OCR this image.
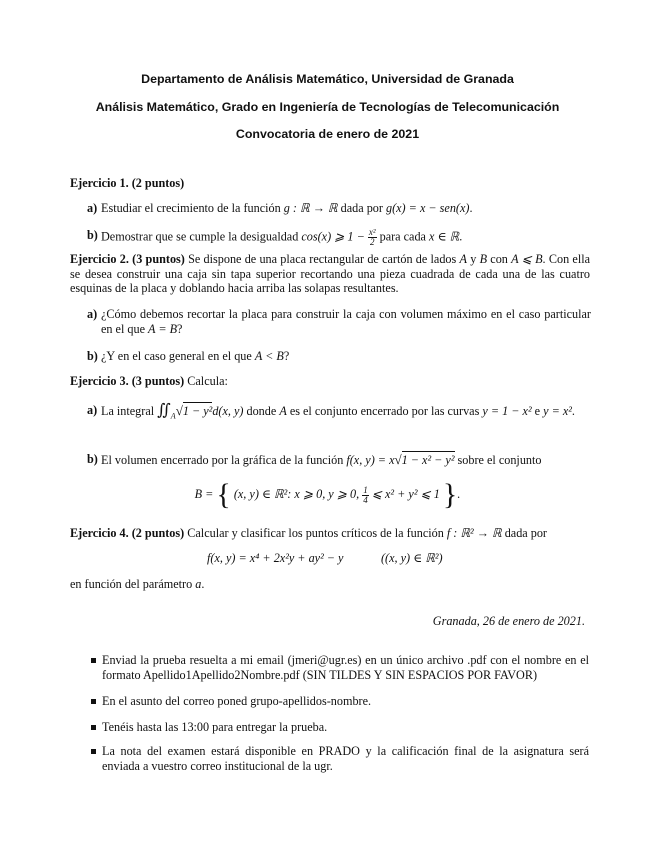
Departamento de Análisis Matemático, Universidad de Granada
Análisis Matemático, Grado en Ingeniería de Tecnologías de Telecomunicación
Convocatoria de enero de 2021
Ejercicio 1. (2 puntos)
a) Estudiar el crecimiento de la función g : ℝ → ℝ dada por g(x) = x − sen(x).
b) Demostrar que se cumple la desigualdad cos(x) ⩾ $1 - \frac{\text{x²}}{2}$ para cada x ∈ ℝ.
Ejercicio 2. (3 puntos) Se dispone de una placa rectangular de cartón de lados A y B con A ⩽ B. Con ella se desea construir una caja sin tapa superior recortando una pieza cuadrada de cada una de las cuatro esquinas de la placa y doblando hacia arriba las solapas resultantes.
a) ¿Cómo debemos recortar la placa para construir la caja con volumen máximo en el caso particular en el que A = B?
b) ¿Y en el caso general en el que A < B?
Ejercicio 3. (3 puntos) Calcula:
a) La integral $∬_A√1 - y^2d(x$, y) donde A es el conjunto encerrado por las curvas y = 1 − x² e y = x².
b) El volumen encerrado por la gráfica de la función f(x, y) = x√1 − x² − y² sobre el conjunto
B = { (x, y) ∈ ℝ²: x ⩾ 0, y ⩾ 0, $\frac{1}{4}$ ⩽ x² + y² ⩽ 1 }.
Ejercicio 4. (2 puntos) Calcular y clasificar los puntos críticos de la función f : ℝ² → ℝ dada por
f(x, y) = x⁴ + 2x²y + ay² − y	((x, y) ∈ ℝ²)
en función del parámetro a.
Granada, 26 de enero de 2021.
Enviad la prueba resuelta a mi email (jmeri@ugr.es) en un único archivo .pdf con el nombre en el formato Apellido1Apellido2Nombre.pdf (SIN TILDES Y SIN ESPACIOS POR FAVOR)
En el asunto del correo poned grupo-apellidos-nombre.
Tenéis hasta las 13:00 para entregar la prueba.
La nota del examen estará disponible en PRADO y la calificación final de la asignatura será enviada a vuestro correo institucional de la ugr.
